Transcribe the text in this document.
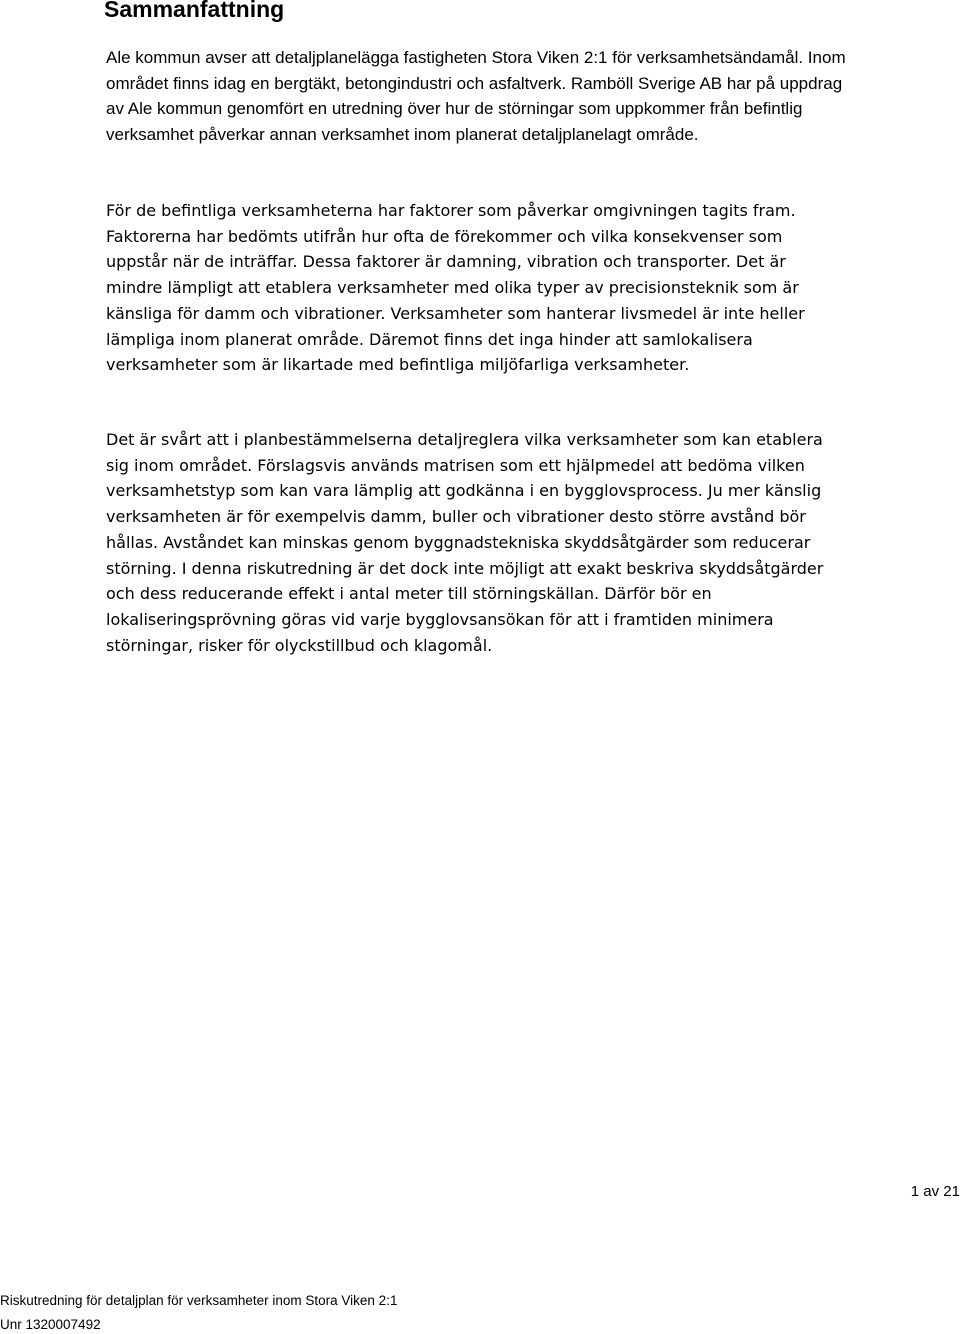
Sammanfattning

Ale kommun avser att detaljplanelägga fastigheten Stora Viken 2:1 för verksamhetsändamål. Inom området finns idag en bergtäkt, betongindustri och asfaltverk. Ramböll Sverige AB har på uppdrag av Ale kommun genomfört en utredning över hur de störningar som uppkommer från befintlig verksamhet påverkar annan verksamhet inom planerat detaljplanelagt område.

För de befintliga verksamheterna har faktorer som påverkar omgivningen tagits fram. Faktorerna har bedömts utifrån hur ofta de förekommer och vilka konsekvenser som uppstår när de inträffar. Dessa faktorer är damning, vibration och transporter. Det är mindre lämpligt att etablera verksamheter med olika typer av precisionsteknik som är känsliga för damm och vibrationer. Verksamheter som hanterar livsmedel är inte heller lämpliga inom planerat område. Däremot finns det inga hinder att samlokalisera verksamheter som är likartade med befintliga miljöfarliga verksamheter.

Det är svårt att i planbestämmelserna detaljreglera vilka verksamheter som kan etablera sig inom området. Förslagsvis används matrisen som ett hjälpmedel att bedöma vilken verksamhetstyp som kan vara lämplig att godkänna i en bygglovsprocess. Ju mer känslig verksamheten är för exempelvis damm, buller och vibrationer desto större avstånd bör hållas. Avståndet kan minskas genom byggnadstekniska skyddsåtgärder som reducerar störning. I denna riskutredning är det dock inte möjligt att exakt beskriva skyddsåtgärder och dess reducerande effekt i antal meter till störningskällan. Därför bör en lokaliseringsprövning göras vid varje bygglovsansökan för att i framtiden minimera störningar, risker för olyckstillbud och klagomål.

1 av 21

Riskutredning för detaljplan för verksamheter inom Stora Viken 2:1

Unr 1320007492
